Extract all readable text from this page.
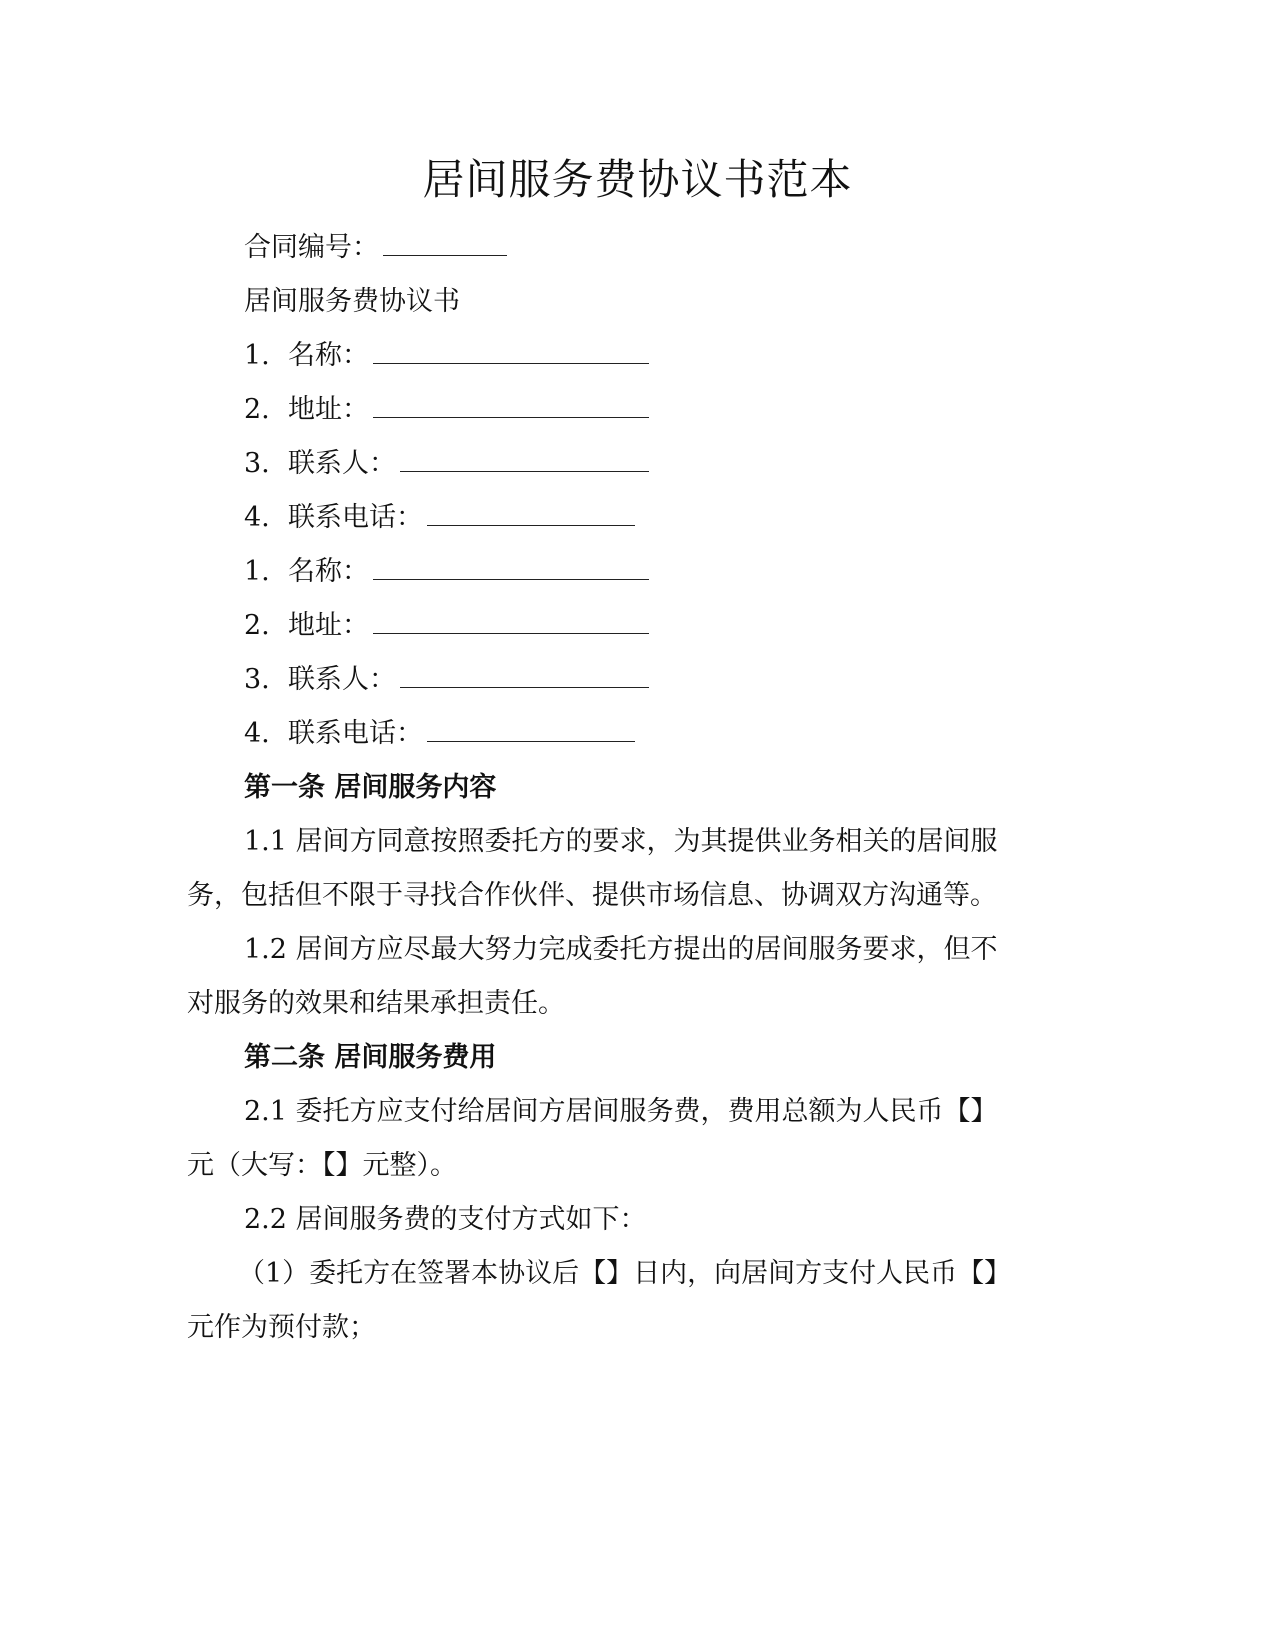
居间服务费协议书范本

合同编号：

居间服务费协议书

1. 名称：

2. 地址：

3. 联系人：

4. 联系电话：

1. 名称：

2. 地址：

3. 联系人：

4. 联系电话：

第一条 居间服务内容

1.1 居间方同意按照委托方的要求，为其提供业务相关的居间服

务，包括但不限于寻找合作伙伴、提供市场信息、协调双方沟通等。

1.2 居间方应尽最大努力完成委托方提出的居间服务要求，但不

对服务的效果和结果承担责任。

第二条 居间服务费用

2.1 委托方应支付给居间方居间服务费，费用总额为人民币【】

元（大写：【】元整）。

2.2 居间服务费的支付方式如下：

（1）委托方在签署本协议后【】日内，向居间方支付人民币【】

元作为预付款；
